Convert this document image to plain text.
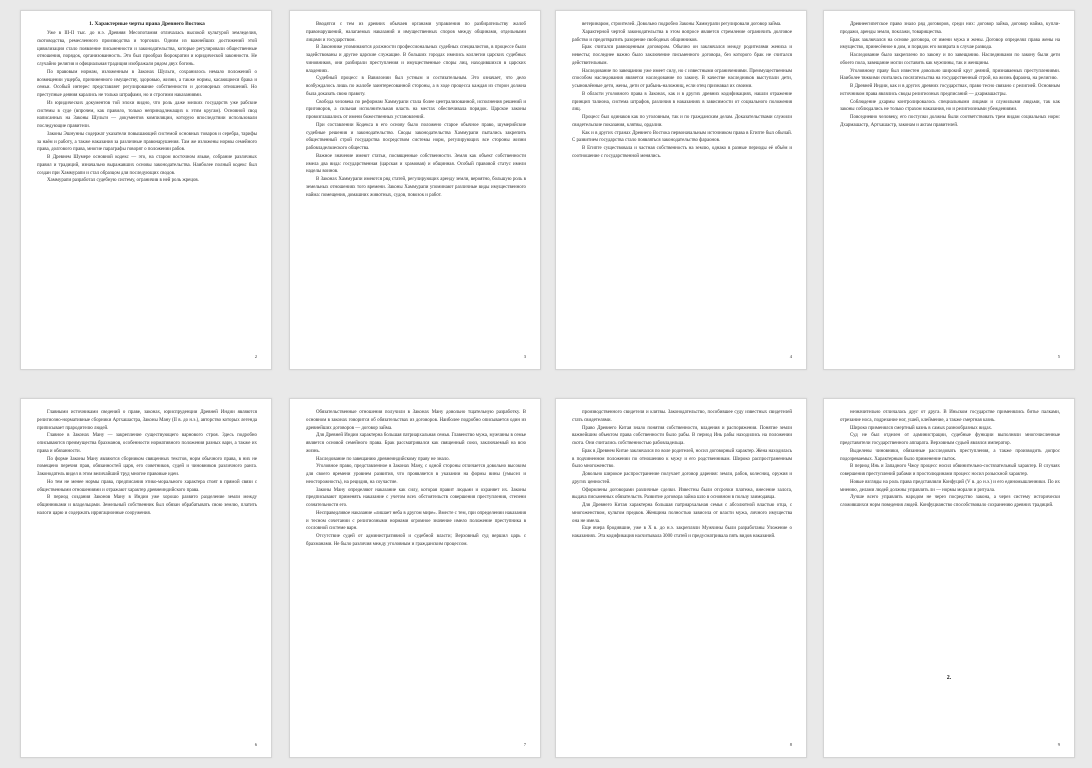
1. Характерные черты права Древнего Востока

Уже в III-II тыс. до н.э. Древняя Месопотамия отличалась высокой культурой земледелия, скотоводства, ремесленного производства и торговли. Одним из важнейших достижений этой цивилизации стало появление письменности и законодательства, которые регулировали общественные отношения, порядок, организованность. Это был прообраз бюрократии и юридической законности. Не случайно религия и официальная традиция изображали рядом двух богинь.

По правовым нормам, изложенным в Законах Шульги, сохранилось немало положений о возмещении ущерба, причиненного имуществу, здоровью, жизни, а также нормы, касающиеся брака и семьи. Особый интерес представляет регулирование собственности и договорных отношений. Но преступные деяния карались не только штрафами, но и строгими наказаниями.

Из юридических документов той эпохи видно, что роль даже мелких государств уже рабские системы в суде (впрочем, как правило, только непринадлежащих к этим кругам). Основной свод написанных на Законы Шульги — документов компиляции, которую впоследствии использовали последующие правители.

Законы Эшнунны содержат указатели повышающей системой основных товаров и серебра, тарифы за наём и работу, а также наказания за различные правонарушения. Там же изложены нормы семейного права, долгового права, многие параграфы говорят о положении рабов.

В Древнем Шумере основной кодекс — это, на старом восточном языке, собрание различных правил и традиций, изначально выражавших основы законодательства. Наиболее полный кодекс был создан при Хаммурапи и стал образцом для последующих сводов.

Хаммурапи разработал судебную систему, ограничив в ней роль жрецов.

2

Вводятся с тем из древних обычаев органами управления по разбирательству жалоб правонарушений, налагаемых наказаний и имущественных споров между общинами, отдельными лицами и государством.

В Законнике упоминаются должности профессиональных судебных специалистов, в процессе были задействованы и другие царские служащие. В больших городах имелись коллегии царских судебных чиновников, они разбирали преступления и имущественные споры лиц, находившихся в царских владениях.

Судебный процесс в Вавилонии был устным и состязательным. Это означает, что дело возбуждалось лишь по жалобе заинтересованной стороны, а в ходе процесса каждая из сторон должна была доказать свою правоту.

Свобода человека по реформам Хаммурапи стала более централизованной, исполнения решений и приговоров, а сильная исполнительная власть на местах обеспечивала порядок. Царское законы провозглашались от имени божественных установлений.

При составлении Кодекса в его основу было положено старое обычное право, шумерийские судебные решения и законодательство. Своды законодательства Хаммурапи пытались закрепить общественный строй государства посредством системы норм, регулирующих все стороны жизни рабовладельческого общества.

Важное значение имеют статьи, посвященные собственности. Земля как объект собственности имела два вида: государственная (царская и храмовая) и общинная. Особый правовой статус имели наделы воинов.

В Законах Хаммурапи имеются ряд статей, регулирующих аренду земли, вероятно, большую роль в земельных отношениях того времени. Законы Хаммурапи упоминают различные виды имущественного найма: помещения, домашних животных, судов, повозок и работ.

3

ветеринаром, строителей. Довольно подробно Законы Хаммурапи регулировали договор займа.

Характерной чертой законодательства в этом вопросе является стремление ограничить долговое рабство и предотвратить разорение свободных общинников.

Брак считался равноценным договором. Обычно он заключался между родителями жениха и невесты; последнее важно было заключение письменного договора, без которого брак не считался действительным.

Наследование по завещанию уже имеет силу, но с известными ограничениями. Преимущественным способом наследования является наследование по закону. В качестве наследников выступали дети, усыновлённые дети, жены, дети от рабынь-наложниц, если отец признавал их своими.

В области уголовного права в Законах, как и в других древних кодификациях, нашли отражение принцип талиона, система штрафов, различия в наказаниях в зависимости от социального положения лиц.

Процесс был одинаков как по уголовным, так и по гражданским делам. Доказательствами служили свидетельские показания, клятвы, ордалии.

Как и в других странах Древнего Востока первоначальным источником права в Египте был обычай. С развитием государства стало появляться законодательство фараонов.

В Египте существовала и частная собственность на землю, однако в разные периоды её объём и соотношение с государственной менялись.

4

Древнеегипетское право знало ряд договоров, среди них: договор займа, договор найма, купли-продажи, аренды земли, поклажи, товарищества.

Брак заключался на основе договора, от имени мужа и жены. Договор определял права жены на имущество, принесённое в дом, и порядок его возврата в случае развода.

Наследование было закреплено по закону и по завещанию. Наследниками по закону были дети обоего пола, завещание могли составить как мужчины, так и женщины.

Уголовному праву был известен довольно широкий круг деяний, признаваемых преступлениями. Наиболее тяжкими считались посягательства на государственный строй, на жизнь фараона, на религию.

В Древней Индии, как и в других древних государствах, право тесно связано с религией. Основным источником права являлись своды религиозных предписаний — дхармашастры.

Соблюдение дхармы контролировалось специальными лицами и служилыми людьми, так как законы соблюдались не только страхом наказания, но и религиозными убеждениями.

Повседневно человеку, его поступки должны были соответствовать трем видам социальных норм: Дхармашастр, Артхашастр, законам и актам правителей.

5

Главными источниками сведений о праве, законах, юриспруденции Древней Индии являются религиозно-нормативные сборники Артхашастра, Законы Ману (II в. до н.э.), авторство которых легенда приписывает прародителю людей.

Главное в Законах Ману — закрепление существующего варнового строя. Здесь подробно описываются преимущества брахманов, особенности нормативного положения разных варн, а также их права и обязанности.

По форме Законы Ману являются сборником священных текстов, норм обычного права, в них не помещено перечня прав, обязанностей царя, его советников, судей и чиновников различного ранга. Законодатель видел в этом величайший труд многие правовые идеи.

Но тем не менее нормы права, предписания этико-морального характера стоят в прямой связи с общественными отношениями и отражают характер древнеиндийского права.

В период создания Законов Ману в Индии уже хорошо развито разделение земли между общинниками и владельцами. Земельный собственник был обязан обрабатывать свою землю, платить налоги царю и содержать ирригационные сооружения.

6

Обязательственные отношения получили в Законах Ману довольно тщательную разработку. В основном в законах говорится об обязательствах из договоров. Наиболее подробно описывается один из древнейших договоров — договор займа.

Для Древней Индии характерна большая патриархальная семья. Главенство мужа, мужчины в семье является основой семейного права. Брак рассматривался как священный союз, заключаемый на всю жизнь.

Наследование по завещанию древнеиндийскому праву не знало.

Уголовное право, представленное в Законах Ману, с одной стороны отличается довольно высоким для своего времени уровнем развития, что проявляется в указании на формы вины (умысел и неосторожность), на рецидив, на соучастие.

Законы Ману определяют наказание как силу, которая правит людьми и охраняет их. Законы предписывают применять наказание с учетом всех обстоятельств совершения преступления, степени сознательности его.

Несправедливое наказание «лишает неба в другом мире». Вместе с тем, при определении наказания и тесном сочетании с религиозными нормами огромное значение имело положение преступника в сословной системе варн.

Отсутствие судей от административной и судебной власти; Верховный суд вершил царь с брахманами. Не было различия между уголовным и гражданским процессом.

7

производственного свидетеля и клятвы. Законодательство, пособившее суду известных свидетелей стать свидетелями.

Право Древнего Китая знало понятия собственности, владения и распоряжения. Понятие земли важнейшим объектом права собственности было рабы. В период Инь рабы находились на положении скота. Они считались собственностью рабовладельца.

Брак в Древнем Китае заключался по воле родителей, носил договорный характер. Жена находилась в подчиненном положении по отношению к мужу и его родственникам. Широко распространенным было многоженство.

Довольно широкое распространение получает договор дарения: земли, рабов, колесниц, оружия и других ценностей.

Оформлены договорами различные сделки. Известны были отсрочки платежа, внесение залога, выдача письменных обязательств. Развитие договора займа шло в основном в пользу заимодавца.

Для Древнего Китая характерна большая патриархальная семья с абсолютной властью отца, с многоженством, культом предков. Женщина полностью зависела от власти мужа, личного имущества она не имела.

Еще вчера бродившие, уже в Х в. до н.э. закрепляли Мужчины были разработаны Уложение о наказаниях. Эта кодификация насчитывала 3000 статей и предусматривала пять видов наказаний.

8

незначительно отличалась друг от друга. В Иньском государстве применялись битье палками, отрезание носа, подрезание ног, ушей, клеймение, а также смертная казнь.

Широко применялся смертный казнь в самых разнообразных видах.

Суд не был отделен от администрации, судебные функции выполняли многочисленные представители государственного аппарата. Верховным судьей являлся император.

Выделены чиновники, обязанные расследовать преступления, а также производить допрос подозреваемых. Характерным было применение пыток.

В период Инь и Западного Чжоу процесс носил обвинительно-состязательный характер. В случаях совершения преступлений рабами и простолюдинами процесс носил розыскной характер.

Новые взгляды на роль права представляли Конфуций (V в. до н.э.) и его единомышленники. По их мнению, делами людей должны управлять ли — нормы морали и ритуала.

Лучше всего управлять народом не через посредство закона, а через систему исторически сложившихся норм поведения людей. Конфуцианство способствовало сохранению древних традиций.

2.
9
